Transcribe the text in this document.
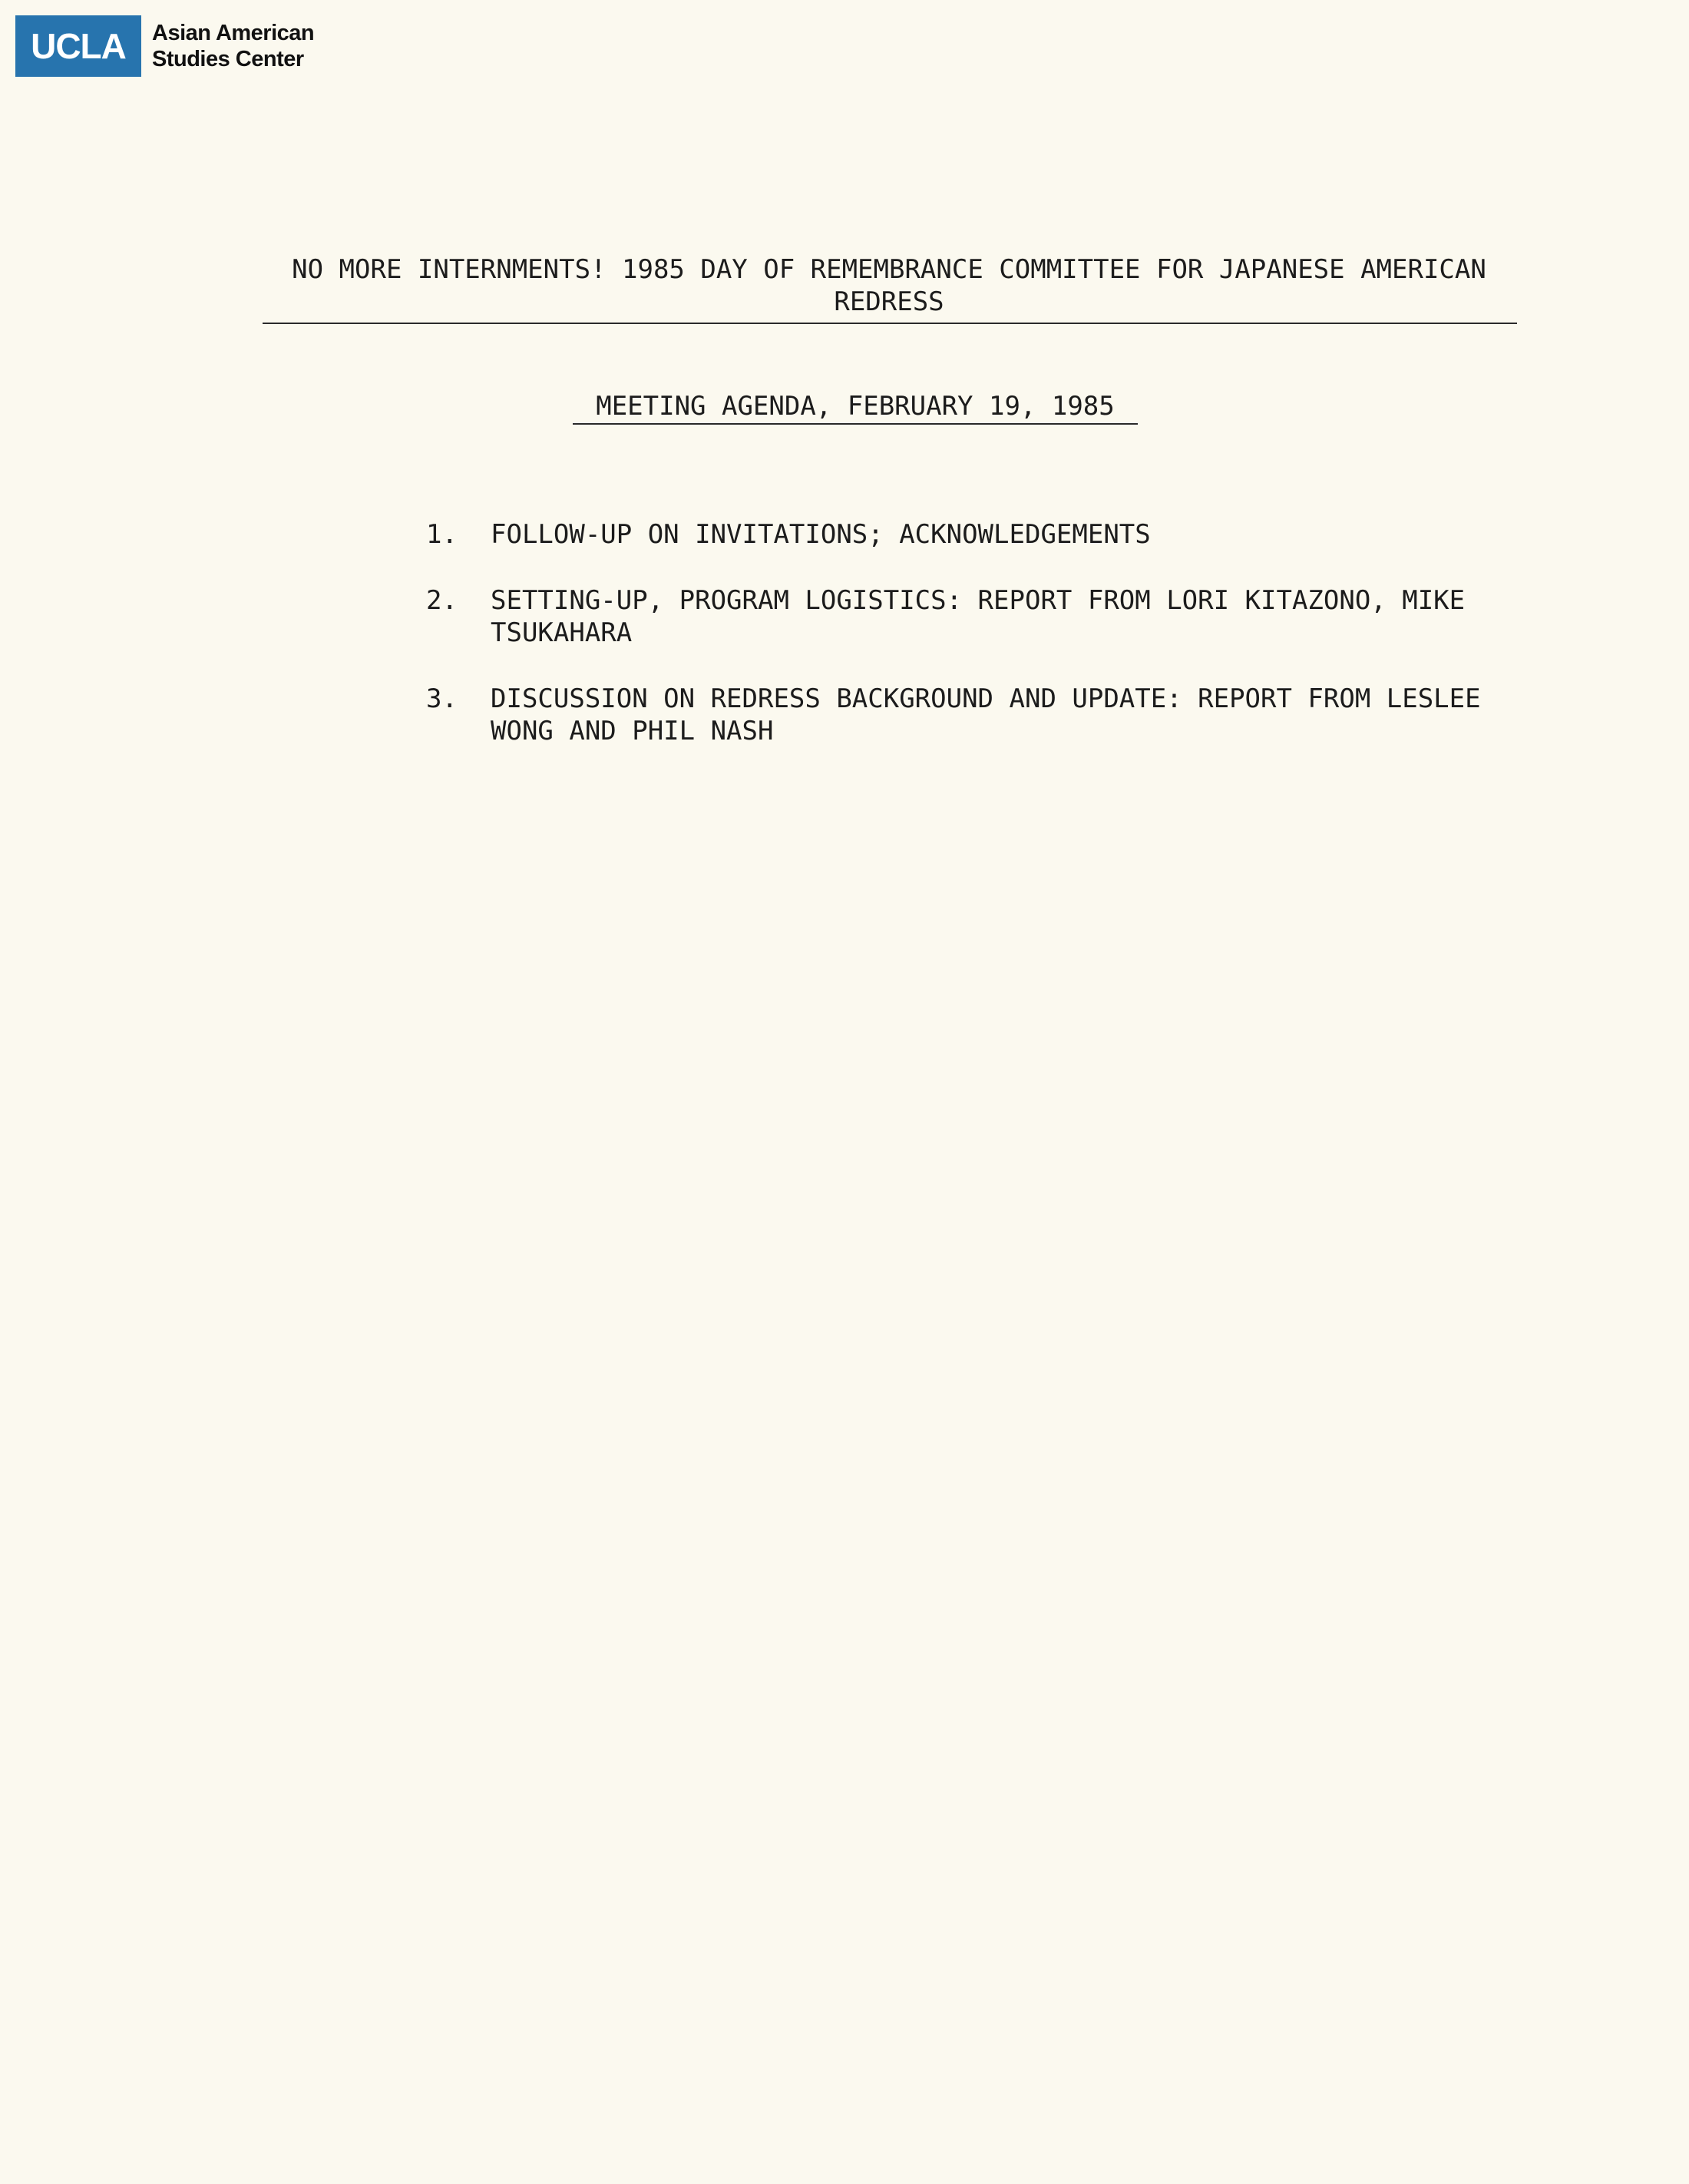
UCLA	Asian American
Studies Center
NO MORE INTERNMENTS! 1985 DAY OF REMEMBRANCE COMMITTEE FOR JAPANESE AMERICAN REDRESS
MEETING AGENDA, FEBRUARY 19, 1985
1.	FOLLOW-UP ON INVITATIONS; ACKNOWLEDGEMENTS
2.	SETTING-UP, PROGRAM LOGISTICS: REPORT FROM LORI KITAZONO, MIKE TSUKAHARA
3.	DISCUSSION ON REDRESS BACKGROUND AND UPDATE: REPORT FROM LESLEE WONG AND PHIL NASH
